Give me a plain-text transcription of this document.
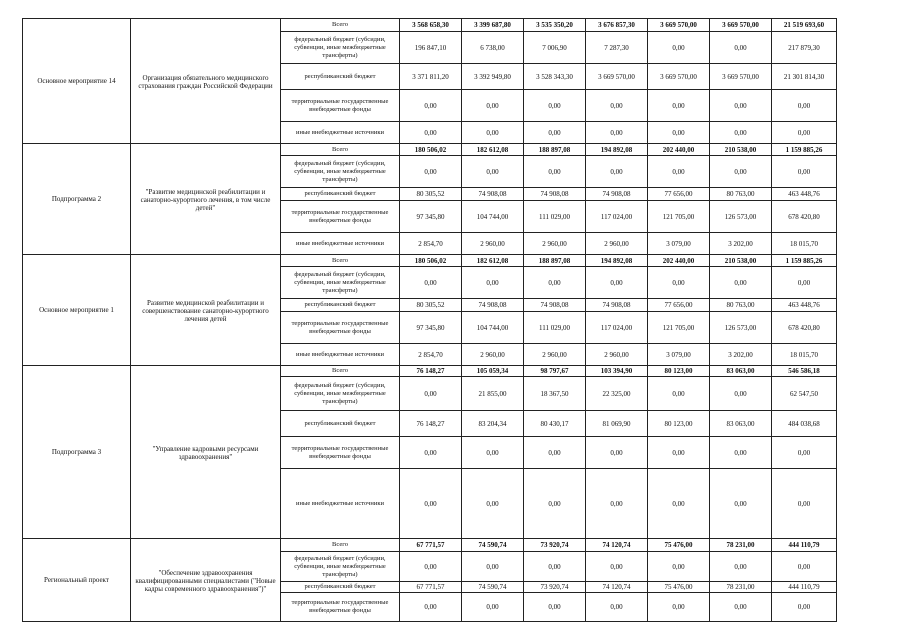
Основное мероприятие 14	Организация обязательного медицинского страхования граждан Российской Федерации	Всего	3 568 658,30	3 399 687,80	3 535 350,20	3 676 857,30	3 669 570,00	3 669 570,00	21 519 693,60
		федеральный бюджет (субсидии, субвенции, иные межбюджетные трансферты)	196 847,10	6 738,00	7 006,90	7 287,30	0,00	0,00	217 879,30
		республиканский бюджет	3 371 811,20	3 392 949,80	3 528 343,30	3 669 570,00	3 669 570,00	3 669 570,00	21 301 814,30
		территориальные государственные внебюджетные фонды	0,00	0,00	0,00	0,00	0,00	0,00	0,00
		иные внебюджетные источники	0,00	0,00	0,00	0,00	0,00	0,00	0,00
Подпрограмма 2	"Развитие медицинской реабилитации и санаторно-курортного лечения, в том числе детей"	Всего	180 506,02	182 612,08	188 897,08	194 892,08	202 440,00	210 538,00	1 159 885,26
		федеральный бюджет (субсидии, субвенции, иные межбюджетные трансферты)	0,00	0,00	0,00	0,00	0,00	0,00	0,00
		республиканский бюджет	80 305,52	74 908,08	74 908,08	74 908,08	77 656,00	80 763,00	463 448,76
		территориальные государственные внебюджетные фонды	97 345,80	104 744,00	111 029,00	117 024,00	121 705,00	126 573,00	678 420,80
		иные внебюджетные источники	2 854,70	2 960,00	2 960,00	2 960,00	3 079,00	3 202,00	18 015,70
Основное мероприятие 1	Развитие медицинской реабилитации и совершенствование санаторно-курортного лечения детей	Всего	180 506,02	182 612,08	188 897,08	194 892,08	202 440,00	210 538,00	1 159 885,26
		федеральный бюджет (субсидии, субвенции, иные межбюджетные трансферты)	0,00	0,00	0,00	0,00	0,00	0,00	0,00
		республиканский бюджет	80 305,52	74 908,08	74 908,08	74 908,08	77 656,00	80 763,00	463 448,76
		территориальные государственные внебюджетные фонды	97 345,80	104 744,00	111 029,00	117 024,00	121 705,00	126 573,00	678 420,80
		иные внебюджетные источники	2 854,70	2 960,00	2 960,00	2 960,00	3 079,00	3 202,00	18 015,70
Подпрограмма 3	"Управление кадровыми ресурсами здравоохранения"	Всего	76 148,27	105 059,34	98 797,67	103 394,90	80 123,00	83 063,00	546 586,18
		федеральный бюджет (субсидии, субвенции, иные межбюджетные трансферты)	0,00	21 855,00	18 367,50	22 325,00	0,00	0,00	62 547,50
		республиканский бюджет	76 148,27	83 204,34	80 430,17	81 069,90	80 123,00	83 063,00	484 038,68
		территориальные государственные внебюджетные фонды	0,00	0,00	0,00	0,00	0,00	0,00	0,00
		иные внебюджетные источники	0,00	0,00	0,00	0,00	0,00	0,00	0,00
Региональный проект	"Обеспечение здравоохранения квалифицированными специалистами ("Новые кадры современного здравоохранения")"	Всего	67 771,57	74 590,74	73 920,74	74 120,74	75 476,00	78 231,00	444 110,79
		федеральный бюджет (субсидии, субвенции, иные межбюджетные трансферты)	0,00	0,00	0,00	0,00	0,00	0,00	0,00
		республиканский бюджет	67 771,57	74 590,74	73 920,74	74 120,74	75 476,00	78 231,00	444 110,79
		территориальные государственные внебюджетные фонды	0,00	0,00	0,00	0,00	0,00	0,00	0,00
